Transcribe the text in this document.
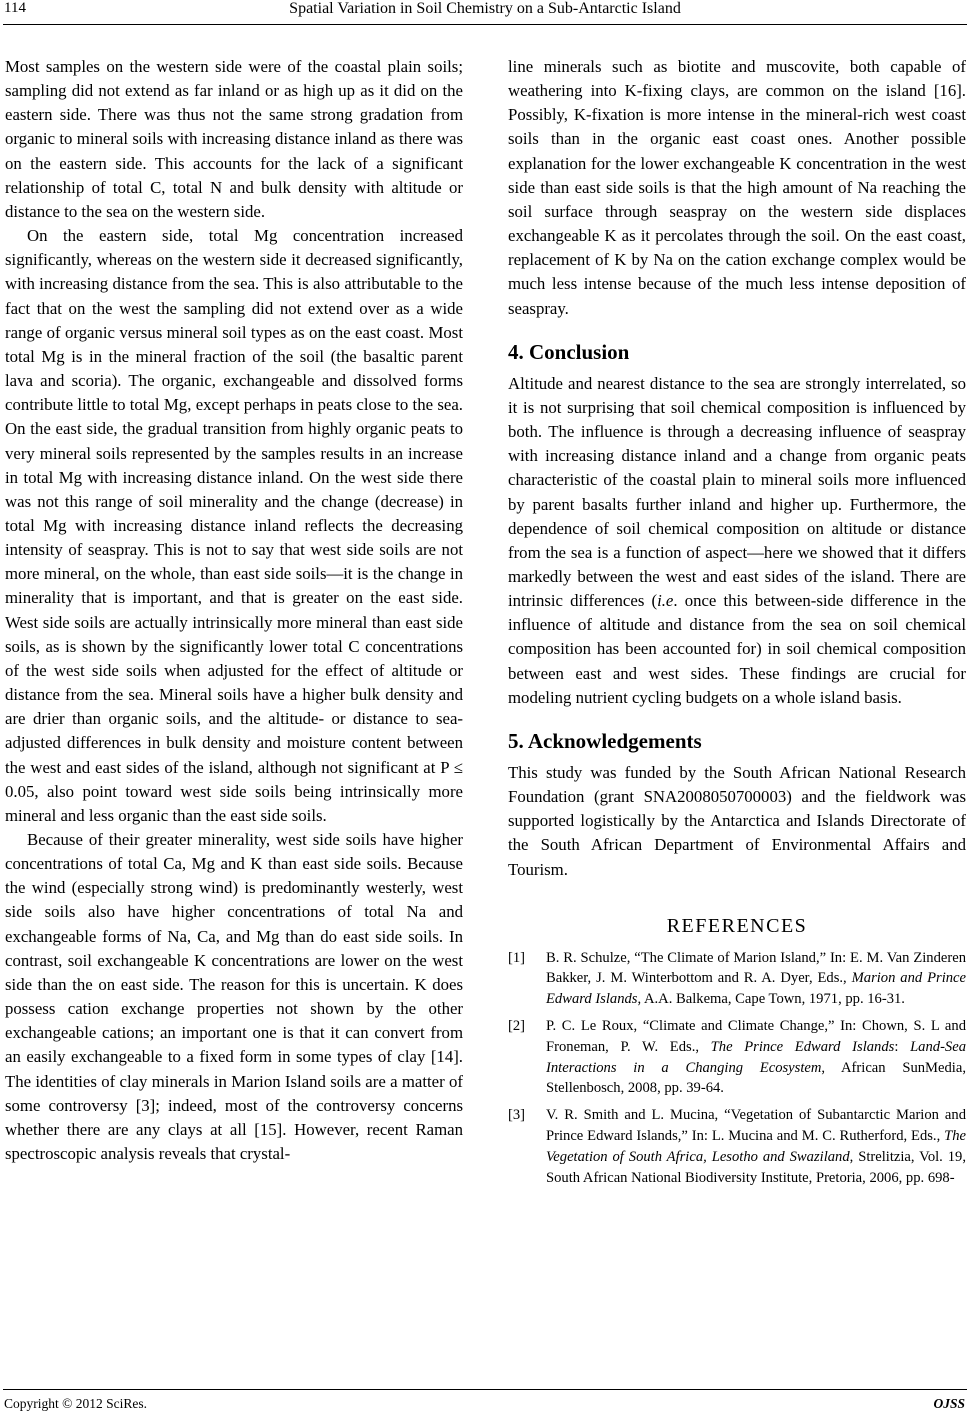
114	Spatial Variation in Soil Chemistry on a Sub-Antarctic Island

Most samples on the western side were of the coastal plain soils; sampling did not extend as far inland or as high up as it did on the eastern side. There was thus not the same strong gradation from organic to mineral soils with increasing distance inland as there was on the eastern side. This accounts for the lack of a significant relationship of total C, total N and bulk density with altitude or distance to the sea on the western side.

On the eastern side, total Mg concentration increased significantly, whereas on the western side it decreased significantly, with increasing distance from the sea. This is also attributable to the fact that on the west the sampling did not extend over as a wide range of organic versus mineral soil types as on the east coast. Most total Mg is in the mineral fraction of the soil (the basaltic parent lava and scoria). The organic, exchangeable and dissolved forms contribute little to total Mg, except perhaps in peats close to the sea. On the east side, the gradual transition from highly organic peats to very mineral soils represented by the samples results in an increase in total Mg with increasing distance inland. On the west side there was not this range of soil minerality and the change (decrease) in total Mg with increasing distance inland reflects the decreasing intensity of seaspray. This is not to say that west side soils are not more mineral, on the whole, than east side soils—it is the change in minerality that is important, and that is greater on the east side. West side soils are actually intrinsically more mineral than east side soils, as is shown by the significantly lower total C concentrations of the west side soils when adjusted for the effect of altitude or distance from the sea. Mineral soils have a higher bulk density and are drier than organic soils, and the altitude- or distance to sea-adjusted differences in bulk density and moisture content between the west and east sides of the island, although not significant at P ≤ 0.05, also point toward west side soils being intrinsically more mineral and less organic than the east side soils.

Because of their greater minerality, west side soils have higher concentrations of total Ca, Mg and K than east side soils. Because the wind (especially strong wind) is predominantly westerly, west side soils also have higher concentrations of total Na and exchangeable forms of Na, Ca, and Mg than do east side soils. In contrast, soil exchangeable K concentrations are lower on the west side than the on east side. The reason for this is uncertain. K does possess cation exchange properties not shown by the other exchangeable cations; an important one is that it can convert from an easily exchangeable to a fixed form in some types of clay [14]. The identities of clay minerals in Marion Island soils are a matter of some controversy [3]; indeed, most of the controversy concerns whether there are any clays at all [15]. However, recent Raman spectroscopic analysis reveals that crystal-

line minerals such as biotite and muscovite, both capable of weathering into K-fixing clays, are common on the island [16]. Possibly, K-fixation is more intense in the mineral-rich west coast soils than in the organic east coast ones. Another possible explanation for the lower exchangeable K concentration in the west side than east side soils is that the high amount of Na reaching the soil surface through seaspray on the western side displaces exchangeable K as it percolates through the soil. On the east coast, replacement of K by Na on the cation exchange complex would be much less intense because of the much less intense deposition of seaspray.

4. Conclusion

Altitude and nearest distance to the sea are strongly interrelated, so it is not surprising that soil chemical composition is influenced by both. The influence is through a decreasing influence of seaspray with increasing distance inland and a change from organic peats characteristic of the coastal plain to mineral soils more influenced by parent basalts further inland and higher up. Furthermore, the dependence of soil chemical composition on altitude or distance from the sea is a function of aspect—here we showed that it differs markedly between the west and east sides of the island. There are intrinsic differences (i.e. once this between-side difference in the influence of altitude and distance from the sea on soil chemical composition has been accounted for) in soil chemical composition between east and west sides. These findings are crucial for modeling nutrient cycling budgets on a whole island basis.

5. Acknowledgements

This study was funded by the South African National Research Foundation (grant SNA2008050700003) and the fieldwork was supported logistically by the Antarctica and Islands Directorate of the South African Department of Environmental Affairs and Tourism.

REFERENCES
[1]	B. R. Schulze, “The Climate of Marion Island,” In: E. M. Van Zinderen Bakker, J. M. Winterbottom and R. A. Dyer, Eds., Marion and Prince Edward Islands, A.A. Balkema, Cape Town, 1971, pp. 16-31.
[2]	P. C. Le Roux, “Climate and Climate Change,” In: Chown, S. L and Froneman, P. W. Eds., The Prince Edward Islands: Land-Sea Interactions in a Changing Ecosystem, African SunMedia, Stellenbosch, 2008, pp. 39-64.
[3]	V. R. Smith and L. Mucina, “Vegetation of Subantarctic Marion and Prince Edward Islands,” In: L. Mucina and M. C. Rutherford, Eds., The Vegetation of South Africa, Lesotho and Swaziland, Strelitzia, Vol. 19, South African National Biodiversity Institute, Pretoria, 2006, pp. 698-
Copyright © 2012 SciRes.	OJSS
